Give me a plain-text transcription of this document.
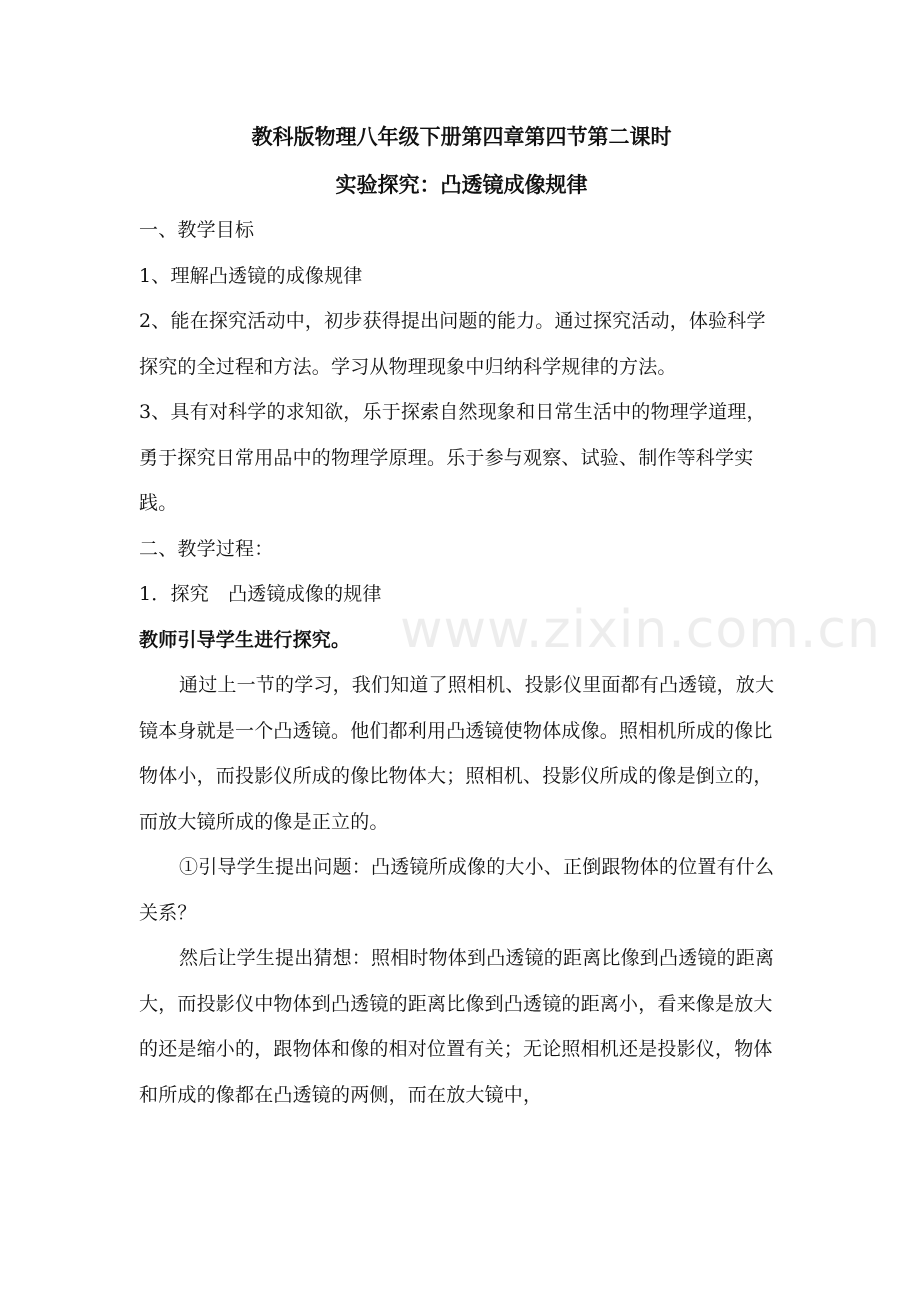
教科版物理八年级下册第四章第四节第二课时
实验探究：凸透镜成像规律

一、教学目标

1、理解凸透镜的成像规律

2、能在探究活动中，初步获得提出问题的能力。通过探究活动，体验科学探究的全过程和方法。学习从物理现象中归纳科学规律的方法。

3、具有对科学的求知欲，乐于探索自然现象和日常生活中的物理学道理，勇于探究日常用品中的物理学原理。乐于参与观察、试验、制作等科学实践。

二、教学过程：

1．探究　凸透镜成像的规律

教师引导学生进行探究。

通过上一节的学习，我们知道了照相机、投影仪里面都有凸透镜，放大镜本身就是一个凸透镜。他们都利用凸透镜使物体成像。照相机所成的像比物体小，而投影仪所成的像比物体大；照相机、投影仪所成的像是倒立的，而放大镜所成的像是正立的。

①引导学生提出问题：凸透镜所成像的大小、正倒跟物体的位置有什么关系？

然后让学生提出猜想：照相时物体到凸透镜的距离比像到凸透镜的距离大，而投影仪中物体到凸透镜的距离比像到凸透镜的距离小，看来像是放大的还是缩小的，跟物体和像的相对位置有关；无论照相机还是投影仪，物体和所成的像都在凸透镜的两侧，而在放大镜中，

www.zixin.com.cn
